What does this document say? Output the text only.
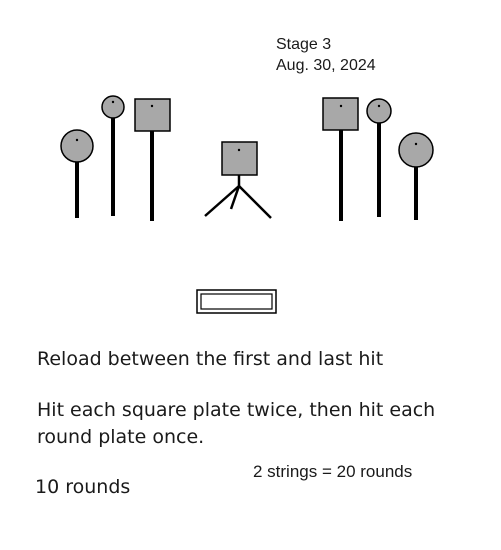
Stage 3
Aug. 30, 2024
Reload between the first and last hit
Hit each square plate twice, then hit each
round plate once.
2 strings = 20 rounds
10 rounds
